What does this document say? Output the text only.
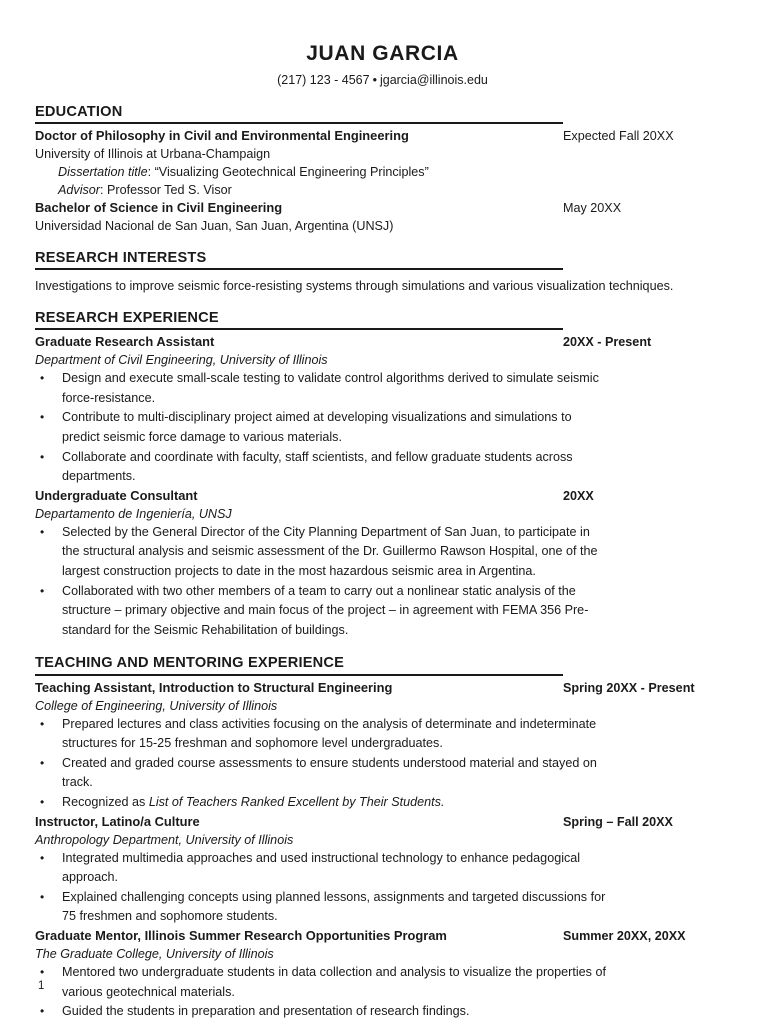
JUAN GARCIA
(217) 123 - 4567 • jgarcia@illinois.edu
EDUCATION
Expected Fall 20XX
Doctor of Philosophy in Civil and Environmental Engineering
University of Illinois at Urbana-Champaign
Dissertation title: “Visualizing Geotechnical Engineering Principles”
Advisor: Professor Ted S. Visor
May 20XX
Bachelor of Science in Civil Engineering
Universidad Nacional de San Juan, San Juan, Argentina (UNSJ)
RESEARCH INTERESTS
Investigations to improve seismic force-resisting systems through simulations and various visualization techniques.
RESEARCH EXPERIENCE
20XX - Present
Graduate Research Assistant
Department of Civil Engineering, University of Illinois
• Design and execute small-scale testing to validate control algorithms derived to simulate seismic force-resistance.
• Contribute to multi-disciplinary project aimed at developing visualizations and simulations to predict seismic force damage to various materials.
• Collaborate and coordinate with faculty, staff scientists, and fellow graduate students across departments.
20XX
Undergraduate Consultant
Departamento de Ingeniería, UNSJ
• Selected by the General Director of the City Planning Department of San Juan, to participate in the structural analysis and seismic assessment of the Dr. Guillermo Rawson Hospital, one of the largest construction projects to date in the most hazardous seismic area in Argentina.
• Collaborated with two other members of a team to carry out a nonlinear static analysis of the structure – primary objective and main focus of the project – in agreement with FEMA 356 Pre-standard for the Seismic Rehabilitation of buildings.
TEACHING AND MENTORING EXPERIENCE
Spring 20XX - Present
Teaching Assistant, Introduction to Structural Engineering
College of Engineering, University of Illinois
• Prepared lectures and class activities focusing on the analysis of determinate and indeterminate structures for 15-25 freshman and sophomore level undergraduates.
• Created and graded course assessments to ensure students understood material and stayed on track.
• Recognized as List of Teachers Ranked Excellent by Their Students.
Spring – Fall 20XX
Instructor, Latino/a Culture
Anthropology Department, University of Illinois
• Integrated multimedia approaches and used instructional technology to enhance pedagogical approach.
• Explained challenging concepts using planned lessons, assignments and targeted discussions for 75 freshmen and sophomore students.
Summer 20XX, 20XX
Graduate Mentor, Illinois Summer Research Opportunities Program
The Graduate College, University of Illinois
• Mentored two undergraduate students in data collection and analysis to visualize the properties of various geotechnical materials.
• Guided the students in preparation and presentation of research findings.
1
